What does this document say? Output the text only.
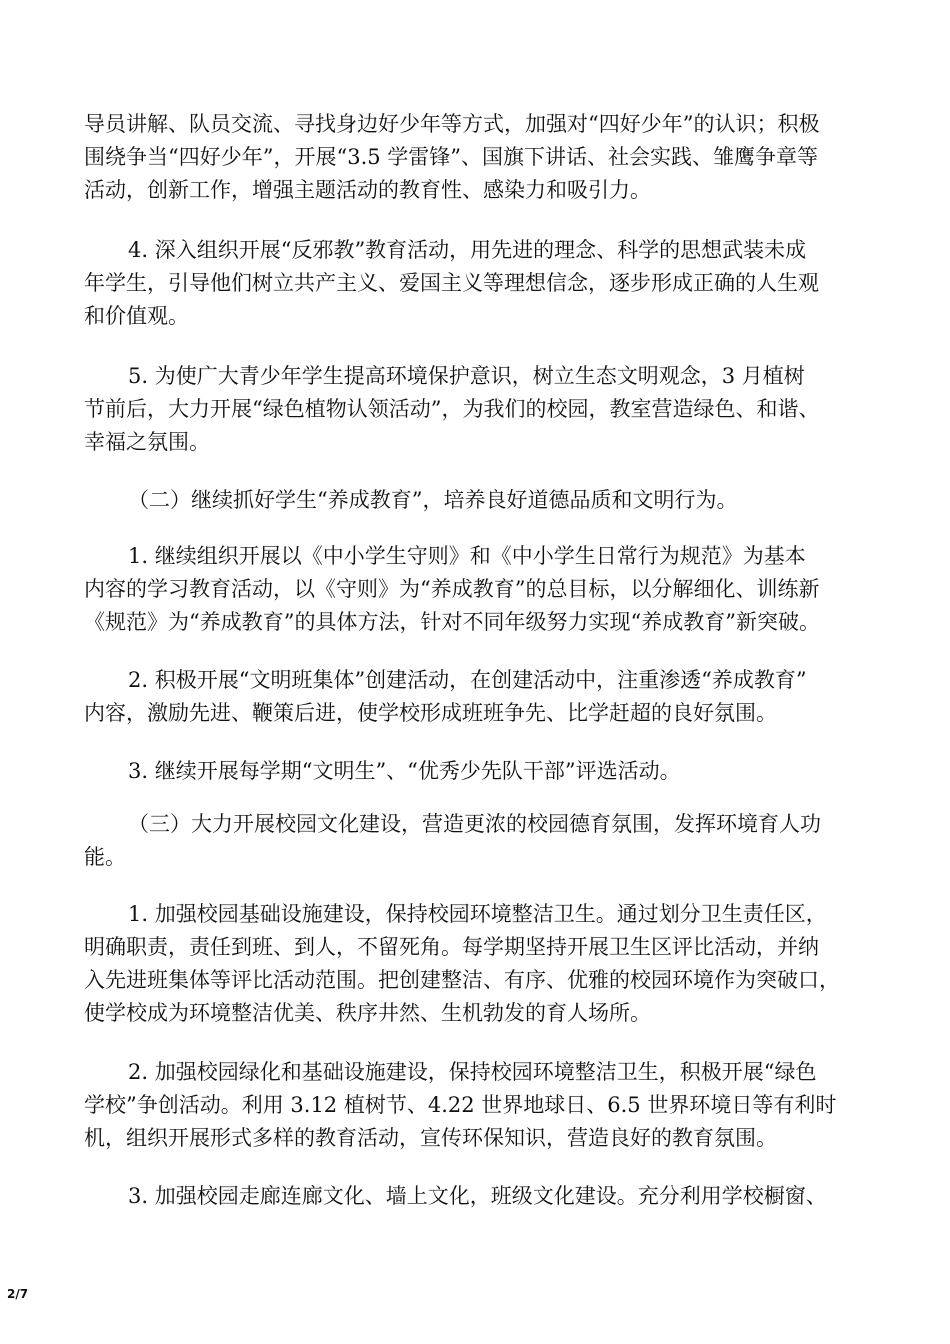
导员讲解、队员交流、寻找身边好少年等方式，加强对“四好少年”的认识；积极
围绕争当“四好少年”，开展“3.5 学雷锋”、国旗下讲话、社会实践、雏鹰争章等
活动，创新工作，增强主题活动的教育性、感染力和吸引力。
4. 深入组织开展“反邪教”教育活动，用先进的理念、科学的思想武装未成
年学生，引导他们树立共产主义、爱国主义等理想信念，逐步形成正确的人生观
和价值观。
5. 为使广大青少年学生提高环境保护意识，树立生态文明观念，3 月植树
节前后，大力开展“绿色植物认领活动”，为我们的校园，教室营造绿色、和谐、
幸福之氛围。
（二）继续抓好学生“养成教育”，培养良好道德品质和文明行为。
1. 继续组织开展以《中小学生守则》和《中小学生日常行为规范》为基本
内容的学习教育活动，以《守则》为“养成教育”的总目标，以分解细化、训练新
《规范》为“养成教育”的具体方法，针对不同年级努力实现“养成教育”新突破。
2. 积极开展“文明班集体”创建活动，在创建活动中，注重渗透“养成教育”
内容，激励先进、鞭策后进，使学校形成班班争先、比学赶超的良好氛围。
3. 继续开展每学期“文明生”、“优秀少先队干部”评选活动。
（三）大力开展校园文化建设，营造更浓的校园德育氛围，发挥环境育人功
能。
1. 加强校园基础设施建设，保持校园环境整洁卫生。通过划分卫生责任区，
明确职责，责任到班、到人，不留死角。每学期坚持开展卫生区评比活动，并纳
入先进班集体等评比活动范围。把创建整洁、有序、优雅的校园环境作为突破口，
使学校成为环境整洁优美、秩序井然、生机勃发的育人场所。
2. 加强校园绿化和基础设施建设，保持校园环境整洁卫生，积极开展“绿色
学校”争创活动。利用 3.12 植树节、4.22 世界地球日、6.5 世界环境日等有利时
机，组织开展形式多样的教育活动，宣传环保知识，营造良好的教育氛围。
3. 加强校园走廊连廊文化、墙上文化，班级文化建设。充分利用学校橱窗、
2/7
